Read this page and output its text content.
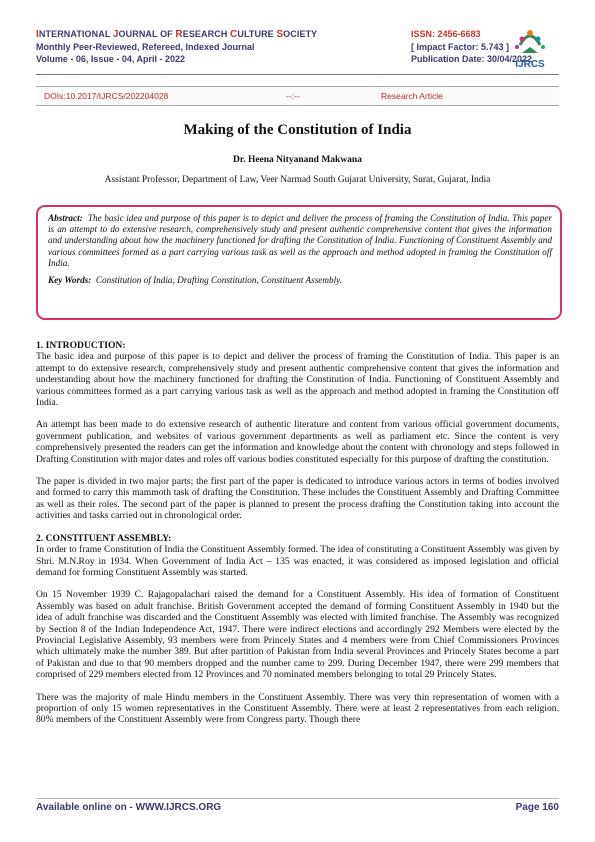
INTERNATIONAL JOURNAL OF RESEARCH CULTURE SOCIETY	ISSN: 2456-6683
Monthly Peer-Reviewed, Refereed, Indexed Journal	[ Impact Factor: 5.743 ]
Volume - 06, Issue - 04, April - 2022	Publication Date: 30/04/2022
IJRCS
DOIs:10.2017/IJRCS/202204028	--:--	Research Article
Making of the Constitution of India
Dr. Heena Nityanand Makwana
Assistant Professor, Department of Law, Veer Narmad South Gujarat University, Surat, Gujarat, India

Abstract: The basic idea and purpose of this paper is to depict and deliver the process of framing the Constitution of India. This paper is an attempt to do extensive research, comprehensively study and present authentic comprehensive content that gives the information and understanding about how the machinery functioned for drafting the Constitution of India. Functioning of Constituent Assembly and various committees formed as a part carrying various task as well as the approach and method adopted in framing the Constitution off India.

Key Words: Constitution of India, Drafting Constitution, Constituent Assembly.

1. INTRODUCTION:

The basic idea and purpose of this paper is to depict and deliver the process of framing the Constitution of India. This paper is an attempt to do extensive research, comprehensively study and present authentic comprehensive content that gives the information and understanding about how the machinery functioned for drafting the Constitution of India. Functioning of Constituent Assembly and various committees formed as a part carrying various task as well as the approach and method adopted in framing the Constitution off India.

An attempt has been made to do extensive research of authentic literature and content from various official government documents, government publication, and websites of various government departments as well as parliament etc. Since the content is very comprehensively presented the readers can get the information and knowledge about the content with chronology and steps followed in Drafting Constitution with major dates and roles off various bodies constituted especially for this purpose of drafting the constitution.

The paper is divided in two major parts; the first part of the paper is dedicated to introduce various actors in terms of bodies involved and formed to carry this mammoth task of drafting the Constitution. These includes the Constituent Assembly and Drafting Committee as well as their roles. The second part of the paper is planned to present the process drafting the Constitution taking into account the activities and tasks carried out in chronological order.

2. CONSTITUENT ASSEMBLY:

In order to frame Constitution of India the Constituent Assembly formed. The idea of constituting a Constituent Assembly was given by Shri. M.N.Roy in 1934. When Government of India Act – 135 was enacted, it was considered as imposed legislation and official demand for forming Constituent Assembly was started.

On 15 November 1939 C. Rajagopalachari raised the demand for a Constituent Assembly. His idea of formation of Constituent Assembly was based on adult franchise. British Government accepted the demand of forming Constituent Assembly in 1940 but the idea of adult franchise was discarded and the Constituent Assembly was elected with limited franchise. The Assembly was recognized by Section 8 of the Indian Independence Act, 1947. There were indirect elections and accordingly 292 Members were elected by the Provincial Legislative Assembly, 93 members were from Princely States and 4 members were from Chief Commissioners Provinces which ultimately make the number 389. But after partition of Pakistan from India several Provinces and Princely States become a part of Pakistan and due to that 90 members dropped and the number came to 299. During December 1947, there were 299 members that comprised of 229 members elected from 12 Provinces and 70 nominated members belonging to total 29 Princely States.

There was the majority of male Hindu members in the Constituent Assembly. There was very thin representation of women with a proportion of only 15 women representatives in the Constituent Assembly. There were at least 2 representatives from each religion. 80% members of the Constituent Assembly were from Congress party. Though there

Available online on - WWW.IJRCS.ORG	Page 160
